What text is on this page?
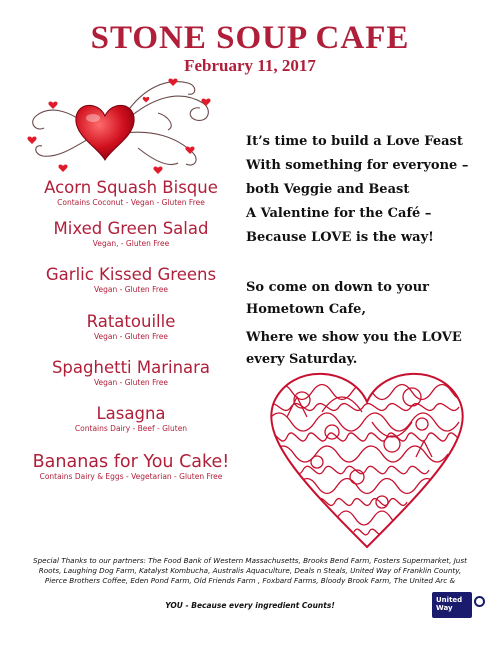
STONE SOUP CAFE
February 11, 2017
Acorn Squash Bisque
Contains Coconut - Vegan - Gluten Free
Mixed Green Salad
Vegan, - Gluten Free
Garlic Kissed Greens
Vegan - Gluten Free
Ratatouille
Vegan - Gluten Free
Spaghetti Marinara
Vegan - Gluten Free
Lasagna
Contains Dairy - Beef - Gluten
Bananas for You Cake!
Contains Dairy & Eggs - Vegetarian - Gluten Free
It’s time to build a Love Feast
With something for everyone –
both Veggie and Beast
A Valentine for the Café –
Because LOVE is the way!
So come on down to your
Hometown Cafe,
Where we show you the LOVE
every Saturday.
Special Thanks to our partners: The Food Bank of Western Massachusetts, Brooks Bend Farm, Fosters Supermarket, Just
Roots, Laughing Dog Farm, Katalyst Kombucha, Australis Aquaculture, Deals n Steals, United Way of Franklin County,
Pierce Brothers Coffee, Eden Pond Farm, Old Friends Farm , Foxbard Farms, Bloody Brook Farm, The United Arc &
YOU - Because every ingredient Counts!
United
Way
